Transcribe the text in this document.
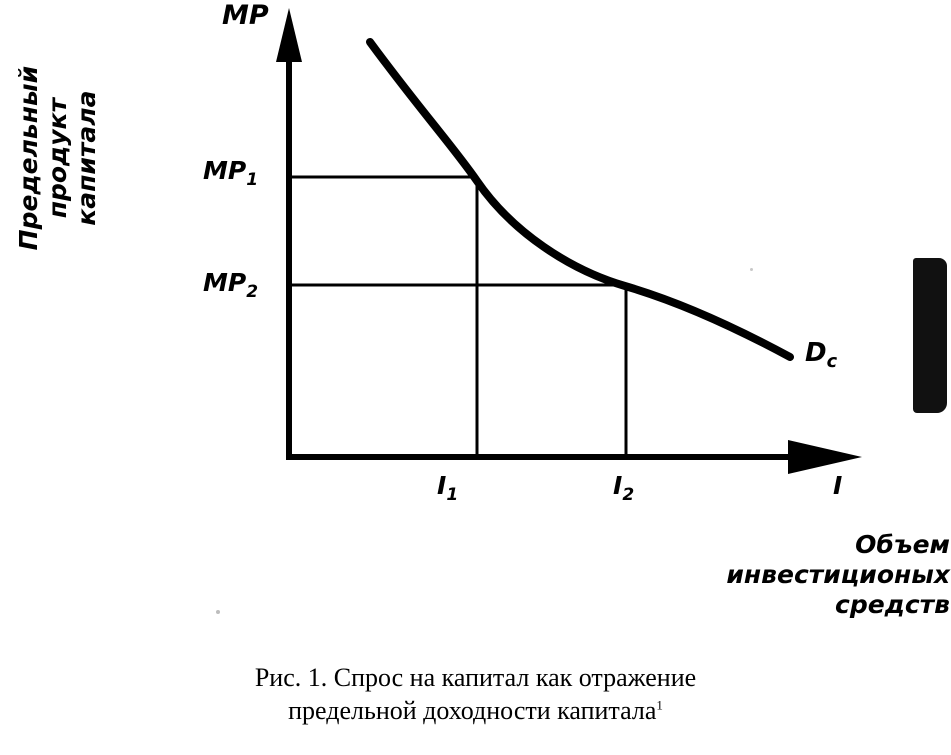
Предельный продукт капитала
MP
$MP_1$
$MP_2$
$I_1$	$I_2$	I
$D_c$
Объем
инвестиционых
средств
Рис. 1. Спрос на капитал как отражение
предельной доходности капитала$^1$
